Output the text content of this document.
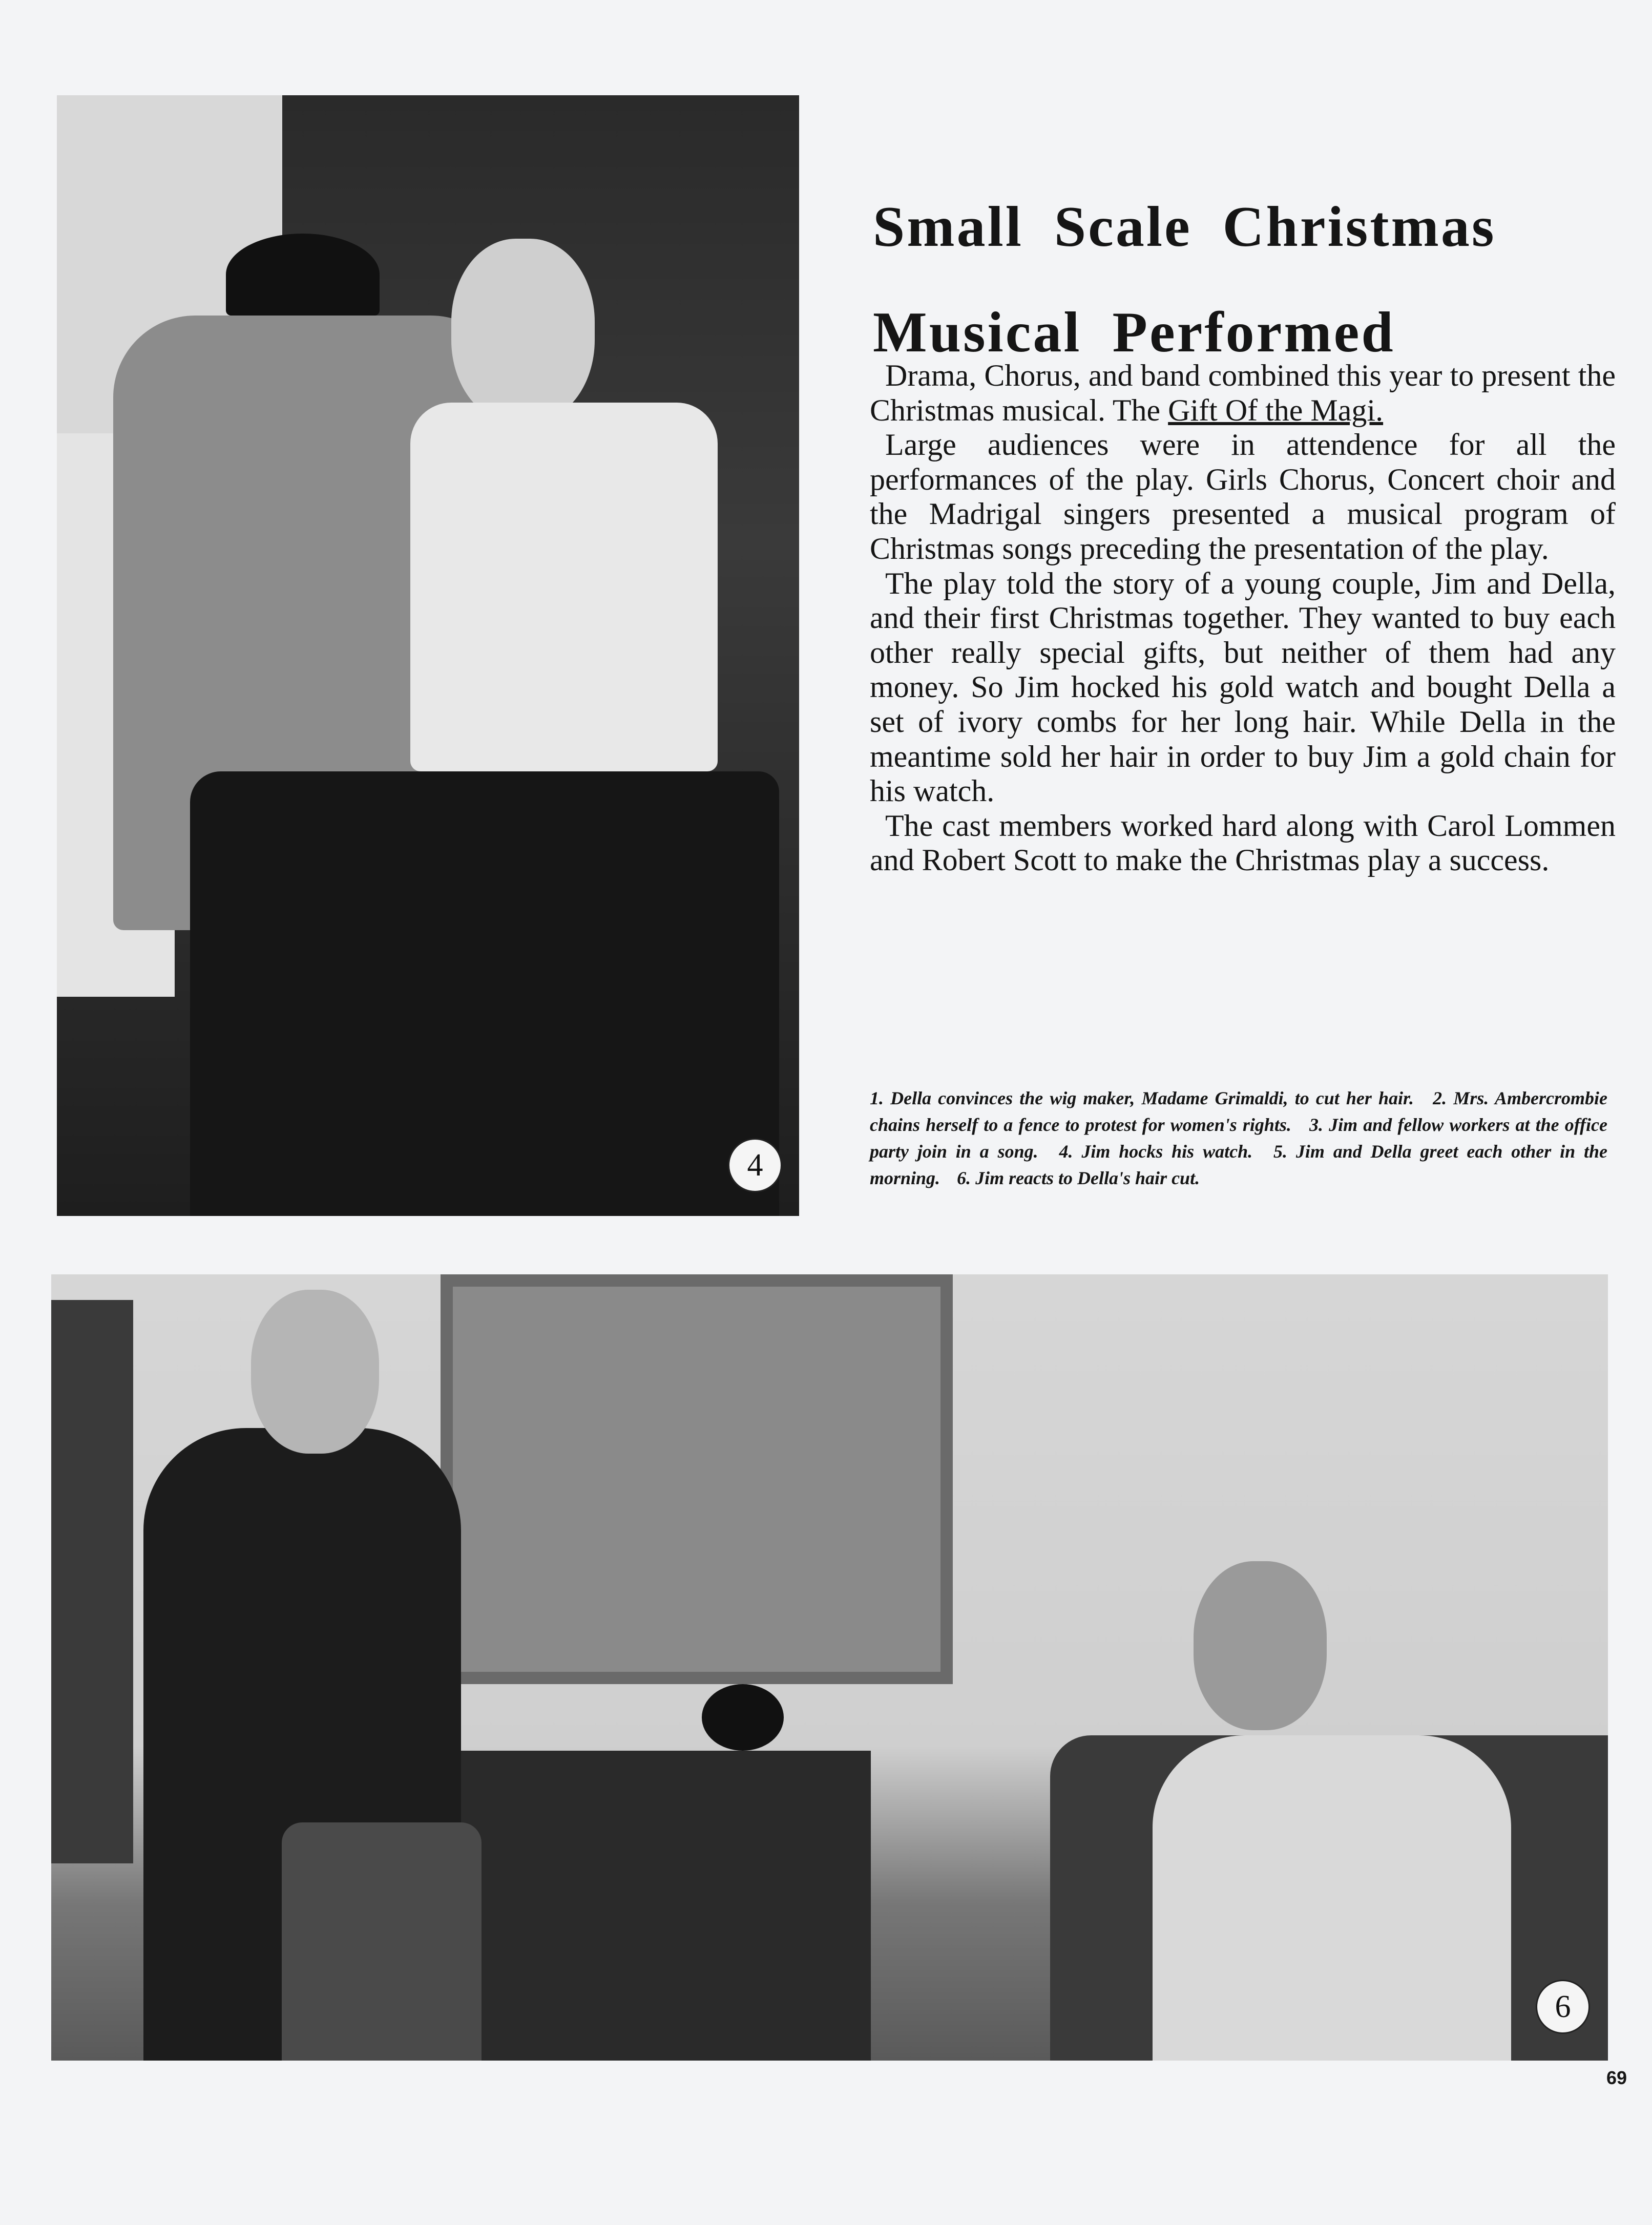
4
Small Scale Christmas
Musical Performed

Drama, Chorus, and band combined this year to present the Christmas musical. The Gift Of the Magi.

Large audiences were in attendence for all the performances of the play. Girls Chorus, Concert choir and the Madrigal singers presented a musical program of Christmas songs preceding the presentation of the play.

The play told the story of a young couple, Jim and Della, and their first Christmas together. They wanted to buy each other really special gifts, but neither of them had any money. So Jim hocked his gold watch and bought Della a set of ivory combs for her long hair. While Della in the meantime sold her hair in order to buy Jim a gold chain for his watch.

The cast members worked hard along with Carol Lommen and Robert Scott to make the Christmas play a success.

1. Della convinces the wig maker, Madame Grimaldi, to cut her hair. 2. Mrs. Ambercrombie chains herself to a fence to protest for women's rights. 3. Jim and fellow workers at the office party join in a song. 4. Jim hocks his watch. 5. Jim and Della greet each other in the morning. 6. Jim reacts to Della's hair cut.
6
69
